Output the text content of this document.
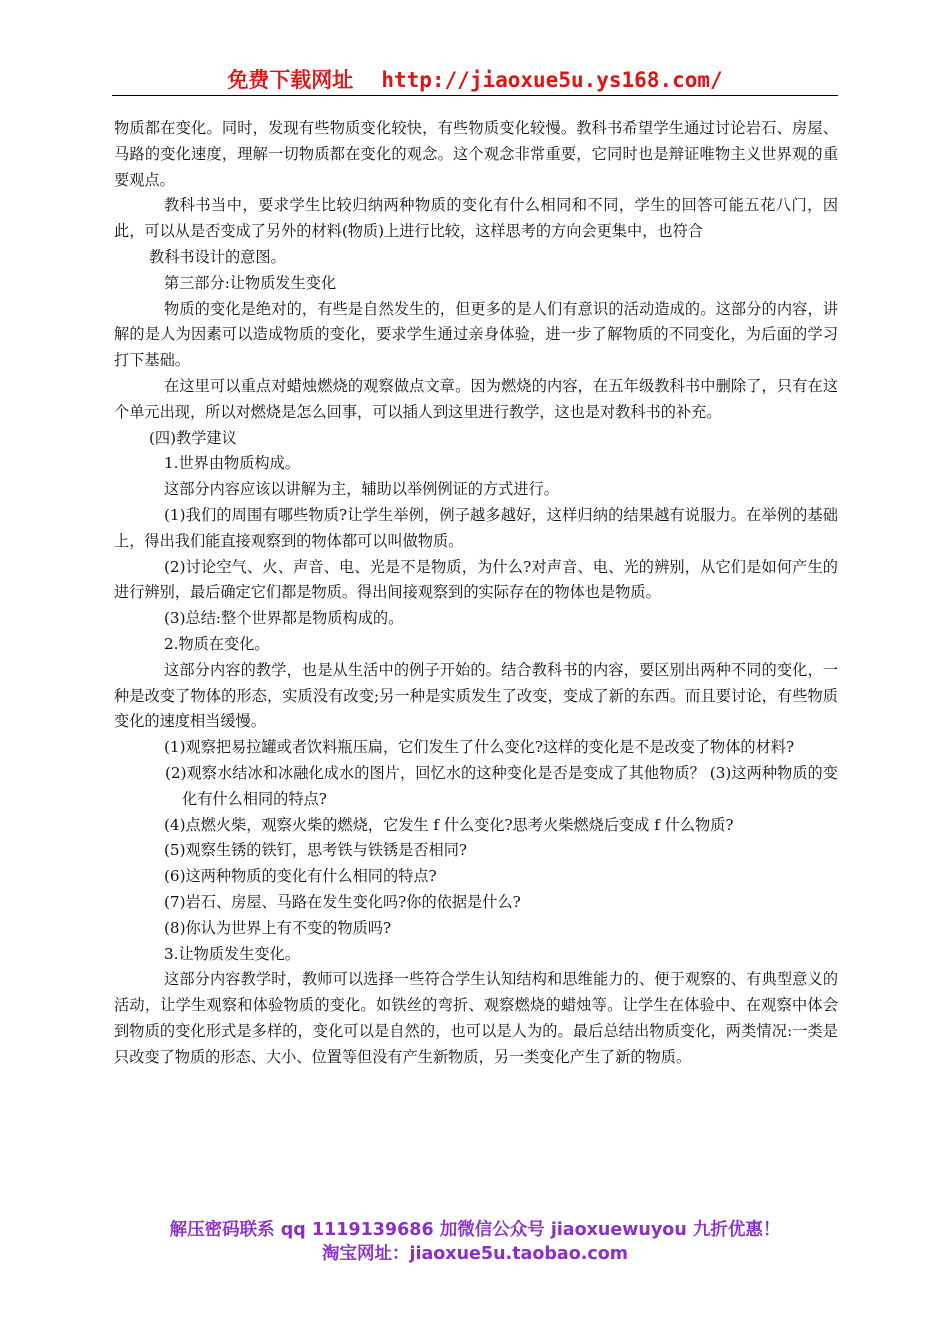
免费下载网址 http://jiaoxue5u.ys168.com/

物质都在变化。同时，发现有些物质变化较快，有些物质变化较慢。教科书希望学生通过讨论岩石、房屋、马路的变化速度，理解一切物质都在变化的观念。这个观念非常重要，它同时也是辩证唯物主义世界观的重要观点。

教科书当中，要求学生比较归纳两种物质的变化有什么相同和不同，学生的回答可能五花八门，因此，可以从是否变成了另外的材料(物质)上进行比较，这样思考的方向会更集中，也符合

教科书设计的意图。

第三部分:让物质发生变化

物质的变化是绝对的，有些是自然发生的，但更多的是人们有意识的活动造成的。这部分的内容，讲解的是人为因素可以造成物质的变化，要求学生通过亲身体验，进一步了解物质的不同变化，为后面的学习打下基础。

在这里可以重点对蜡烛燃烧的观察做点文章。因为燃烧的内容，在五年级教科书中删除了，只有在这个单元出现，所以对燃烧是怎么回事，可以插人到这里进行教学，这也是对教科书的补充。

(四)教学建议

1.世界由物质构成。

这部分内容应该以讲解为主，辅助以举例例证的方式进行。

(1)我们的周围有哪些物质?让学生举例，例子越多越好，这样归纳的结果越有说服力。在举例的基础上，得出我们能直接观察到的物体都可以叫做物质。

(2)讨论空气、火、声音、电、光是不是物质，为什么?对声音、电、光的辨别，从它们是如何产生的进行辨别，最后确定它们都是物质。得出间接观察到的实际存在的物体也是物质。

(3)总结:整个世界都是物质构成的。

2.物质在变化。

这部分内容的教学，也是从生活中的例子开始的。结合教科书的内容，要区别出两种不同的变化，一种是改变了物体的形态，实质没有改变;另一种是实质发生了改变，变成了新的东西。而且要讨论，有些物质变化的速度相当缓慢。

(1)观察把易拉罐或者饮料瓶压扁，它们发生了什么变化?这样的变化是不是改变了物体的材料?

(2)观察水结冰和冰融化成水的图片，回忆水的这种变化是否是变成了其他物质？ (3)这两种物质的变化有什么相同的特点?

(4)点燃火柴，观察火柴的燃烧，它发生 f 什么变化?思考火柴燃烧后变成 f 什么物质?

(5)观察生锈的铁钉，思考铁与铁锈是否相同?

(6)这两种物质的变化有什么相同的特点?

(7)岩石、房屋、马路在发生变化吗?你的依据是什么?

(8)你认为世界上有不变的物质吗?

3.让物质发生变化。

这部分内容教学时，教师可以选择一些符合学生认知结构和思维能力的、便于观察的、有典型意义的活动，让学生观察和体验物质的变化。如铁丝的弯折、观察燃烧的蜡烛等。让学生在体验中、在观察中体会到物质的变化形式是多样的，变化可以是自然的，也可以是人为的。最后总结出物质变化，两类情况:一类是只改变了物质的形态、大小、位置等但没有产生新物质，另一类变化产生了新的物质。

解压密码联系 qq 1119139686 加微信公众号 jiaoxuewuyou 九折优惠！
淘宝网址：jiaoxue5u.taobao.com
